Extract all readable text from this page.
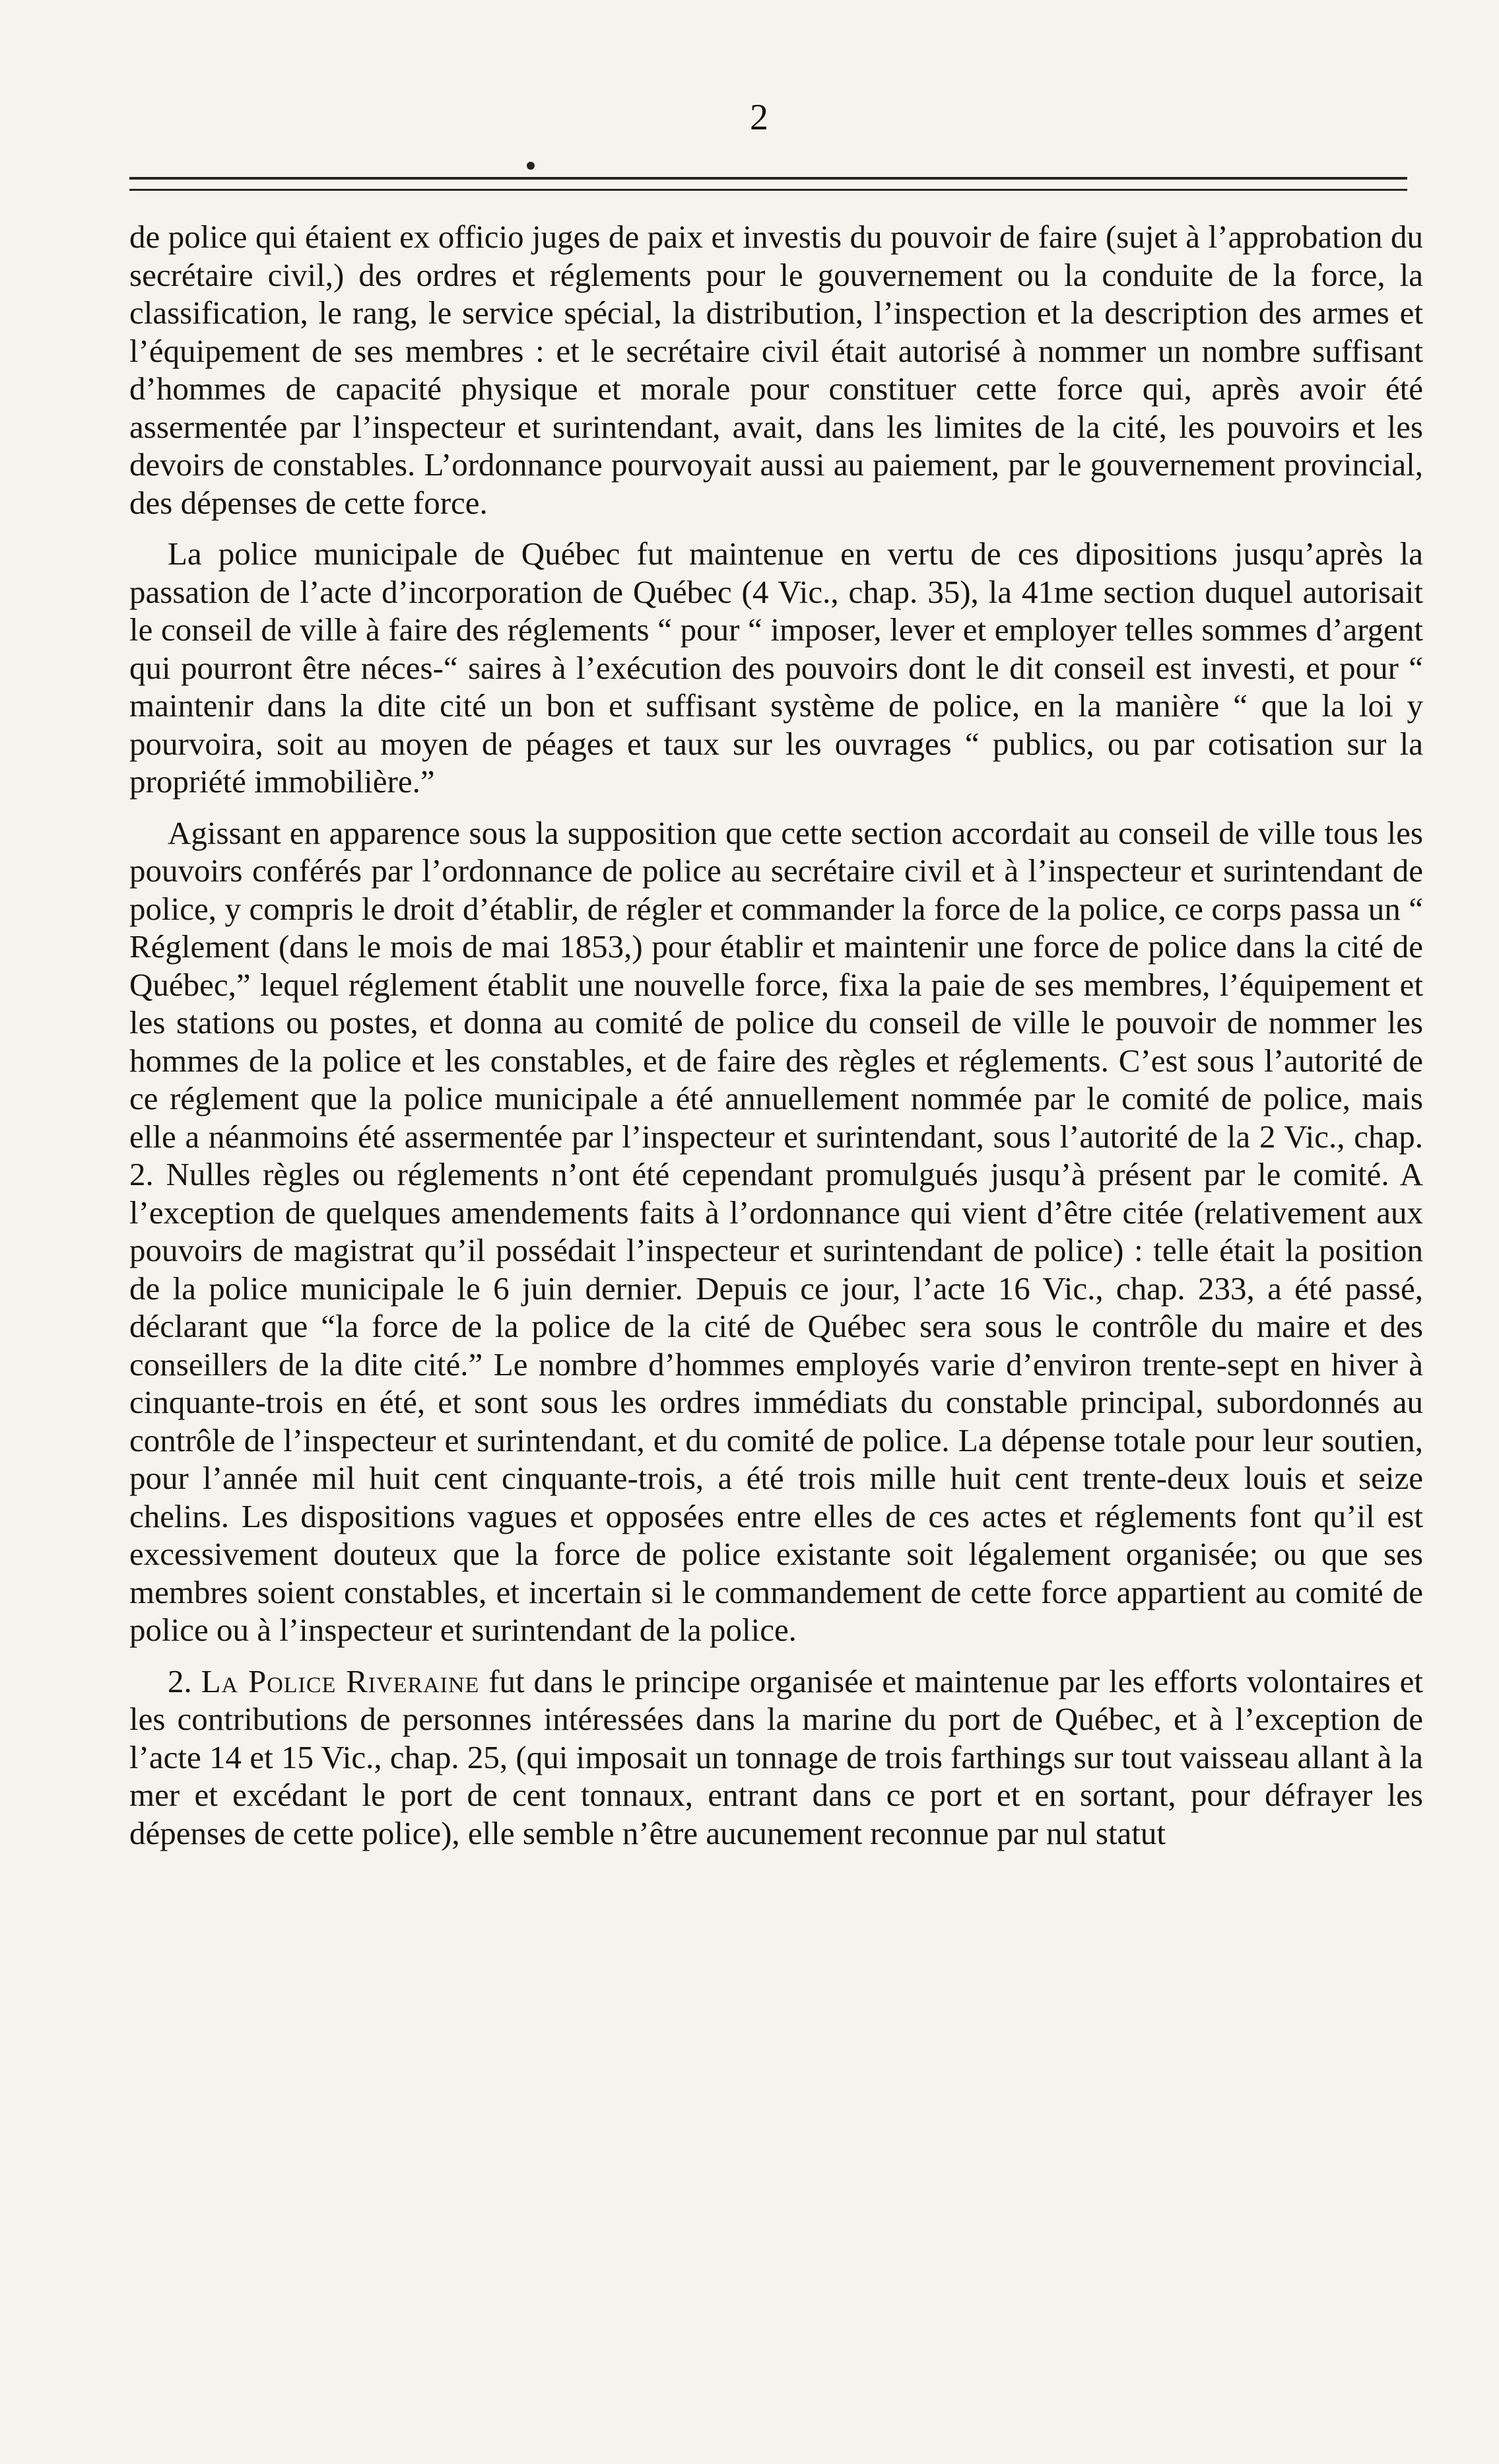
2

de police qui étaient ex officio juges de paix et investis du pouvoir de faire (sujet à l’approbation du secrétaire civil,) des ordres et réglements pour le gouvernement ou la conduite de la force, la classification, le rang, le service spécial, la distribution, l’inspection et la description des armes et l’équipement de ses membres : et le secrétaire civil était autorisé à nommer un nombre suffisant d’hommes de capacité physique et morale pour constituer cette force qui, après avoir été assermentée par l’inspecteur et surintendant, avait, dans les limites de la cité, les pouvoirs et les devoirs de constables. L’ordonnance pourvoyait aussi au paiement, par le gouvernement provincial, des dépenses de cette force.

La police municipale de Québec fut maintenue en vertu de ces dipositions jusqu’après la passation de l’acte d’incorporation de Québec (4 Vic., chap. 35), la 41me section duquel autorisait le conseil de ville à faire des réglements “ pour “ imposer, lever et employer telles sommes d’argent qui pourront être néces-“ saires à l’exécution des pouvoirs dont le dit conseil est investi, et pour “ maintenir dans la dite cité un bon et suffisant système de police, en la manière “ que la loi y pourvoira, soit au moyen de péages et taux sur les ouvrages “ publics, ou par cotisation sur la propriété immobilière.”

Agissant en apparence sous la supposition que cette section accordait au conseil de ville tous les pouvoirs conférés par l’ordonnance de police au secrétaire civil et à l’inspecteur et surintendant de police, y compris le droit d’établir, de régler et commander la force de la police, ce corps passa un “ Réglement (dans le mois de mai 1853,) pour établir et maintenir une force de police dans la cité de Québec,” lequel réglement établit une nouvelle force, fixa la paie de ses membres, l’équipement et les stations ou postes, et donna au comité de police du conseil de ville le pouvoir de nommer les hommes de la police et les constables, et de faire des règles et réglements. C’est sous l’autorité de ce réglement que la police municipale a été annuellement nommée par le comité de police, mais elle a néanmoins été assermentée par l’inspecteur et surintendant, sous l’autorité de la 2 Vic., chap. 2. Nulles règles ou réglements n’ont été cependant promulgués jusqu’à présent par le comité. A l’exception de quelques amendements faits à l’ordonnance qui vient d’être citée (relativement aux pouvoirs de magistrat qu’il possédait l’inspecteur et surintendant de police) : telle était la position de la police municipale le 6 juin dernier. Depuis ce jour, l’acte 16 Vic., chap. 233, a été passé, déclarant que “la force de la police de la cité de Québec sera sous le contrôle du maire et des conseillers de la dite cité.” Le nombre d’hommes employés varie d’environ trente-sept en hiver à cinquante-trois en été, et sont sous les ordres immédiats du constable principal, subordonnés au contrôle de l’inspecteur et surintendant, et du comité de police. La dépense totale pour leur soutien, pour l’année mil huit cent cinquante-trois, a été trois mille huit cent trente-deux louis et seize chelins. Les dispositions vagues et opposées entre elles de ces actes et réglements font qu’il est excessivement douteux que la force de police existante soit légalement organisée; ou que ses membres soient constables, et incertain si le commandement de cette force appartient au comité de police ou à l’inspecteur et surintendant de la police.

2. La Police Riveraine fut dans le principe organisée et maintenue par les efforts volontaires et les contributions de personnes intéressées dans la marine du port de Québec, et à l’exception de l’acte 14 et 15 Vic., chap. 25, (qui imposait un tonnage de trois farthings sur tout vaisseau allant à la mer et excédant le port de cent tonnaux, entrant dans ce port et en sortant, pour défrayer les dépenses de cette police), elle semble n’être aucunement reconnue par nul statut
